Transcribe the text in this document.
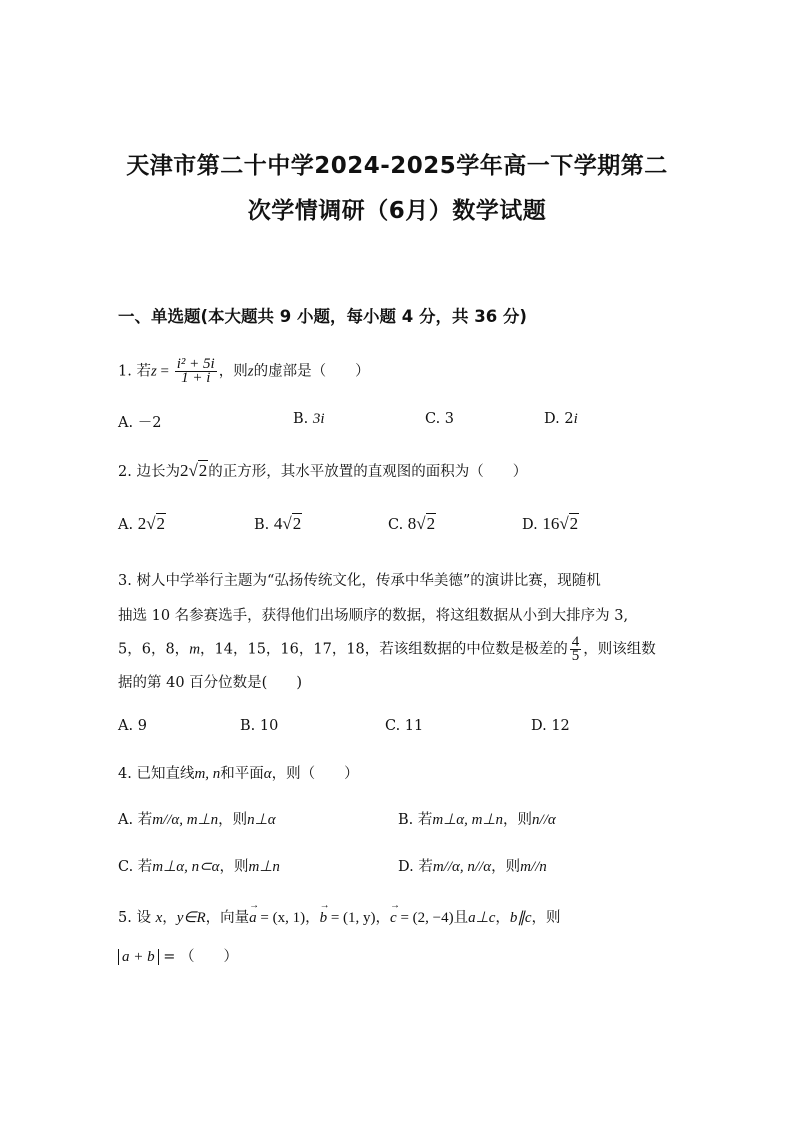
天津市第二十中学2024-2025学年高一下学期第二
次学情调研（6月）数学试题
一、单选题(本大题共 9 小题，每小题 4 分，共 36 分)
1. 若$z = \frac{\text{i² + 5i}}{1 + i}$ ，则z的虚部是（　　）
A. －2	B. 3i	C. 3	D. 2i
2. 边长为2√2的正方形，其水平放置的直观图的面积为（　　）
A. 2√2	B. 4√2	C. 8√2	D. 16√2
3. 树人中学举行主题为“弘扬传统文化，传承中华美德”的演讲比赛，现随机
抽选 10 名参赛选手，获得他们出场顺序的数据，将这组数据从小到大排序为 3,
5，6，8，m，14，15，16，17，18，若该组数据的中位数是极差的 $\frac{4}{5}$ ，则该组数
据的第 40 百分位数是(　　)
A. 9	B. 10	C. 11	D. 12
4. 已知直线m, n和平面α，则（　　）
A. 若m//α, m⊥n，则n⊥α	B. 若m⊥α, m⊥n，则n//α
C. 若m⊥α, n⊂α，则m⊥n	D. 若m//α, n//α，则m//n
5. 设 x，y∈R，向量→ a = (x, 1)，→ b = (1, y)，→ c = (2, −4)且a⊥c，b∥c，则
a + b = （　　）
